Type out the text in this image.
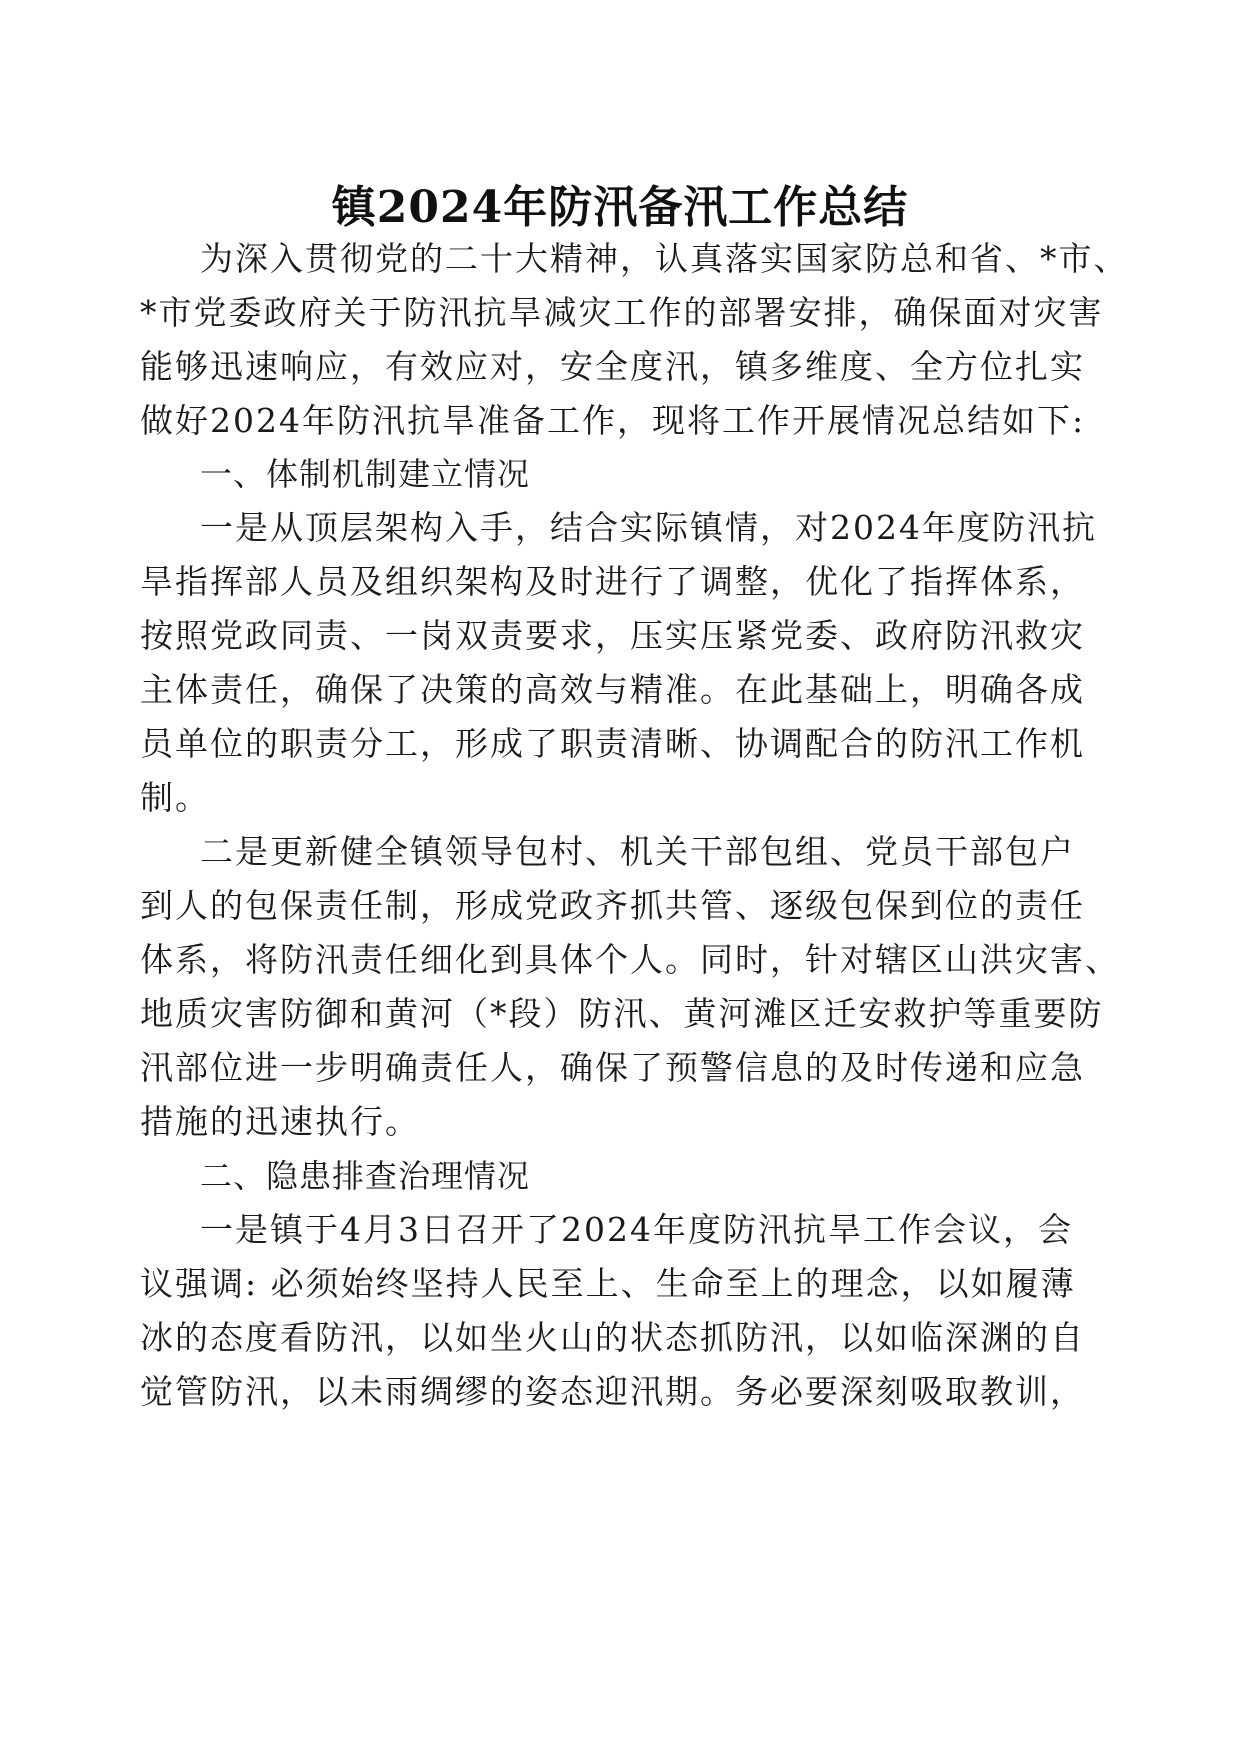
镇2024年防汛备汛工作总结
为深入贯彻党的二十大精神，认真落实国家防总和省、*市、
*市党委政府关于防汛抗旱减灾工作的部署安排，确保面对灾害
能够迅速响应，有效应对，安全度汛，镇多维度、全方位扎实
做好2024年防汛抗旱准备工作，现将工作开展情况总结如下:
一、体制机制建立情况
一是从顶层架构入手，结合实际镇情，对2024年度防汛抗
旱指挥部人员及组织架构及时进行了调整，优化了指挥体系，
按照党政同责、一岗双责要求，压实压紧党委、政府防汛救灾
主体责任，确保了决策的高效与精准。在此基础上，明确各成
员单位的职责分工，形成了职责清晰、协调配合的防汛工作机
制。
二是更新健全镇领导包村、机关干部包组、党员干部包户
到人的包保责任制，形成党政齐抓共管、逐级包保到位的责任
体系，将防汛责任细化到具体个人。同时，针对辖区山洪灾害、
地质灾害防御和黄河（*段）防汛、黄河滩区迁安救护等重要防
汛部位进一步明确责任人，确保了预警信息的及时传递和应急
措施的迅速执行。
二、隐患排查治理情况
一是镇于4月3日召开了2024年度防汛抗旱工作会议，会
议强调: 必须始终坚持人民至上、生命至上的理念，以如履薄
冰的态度看防汛，以如坐火山的状态抓防汛，以如临深渊的自
觉管防汛，以未雨绸缪的姿态迎汛期。务必要深刻吸取教训，
